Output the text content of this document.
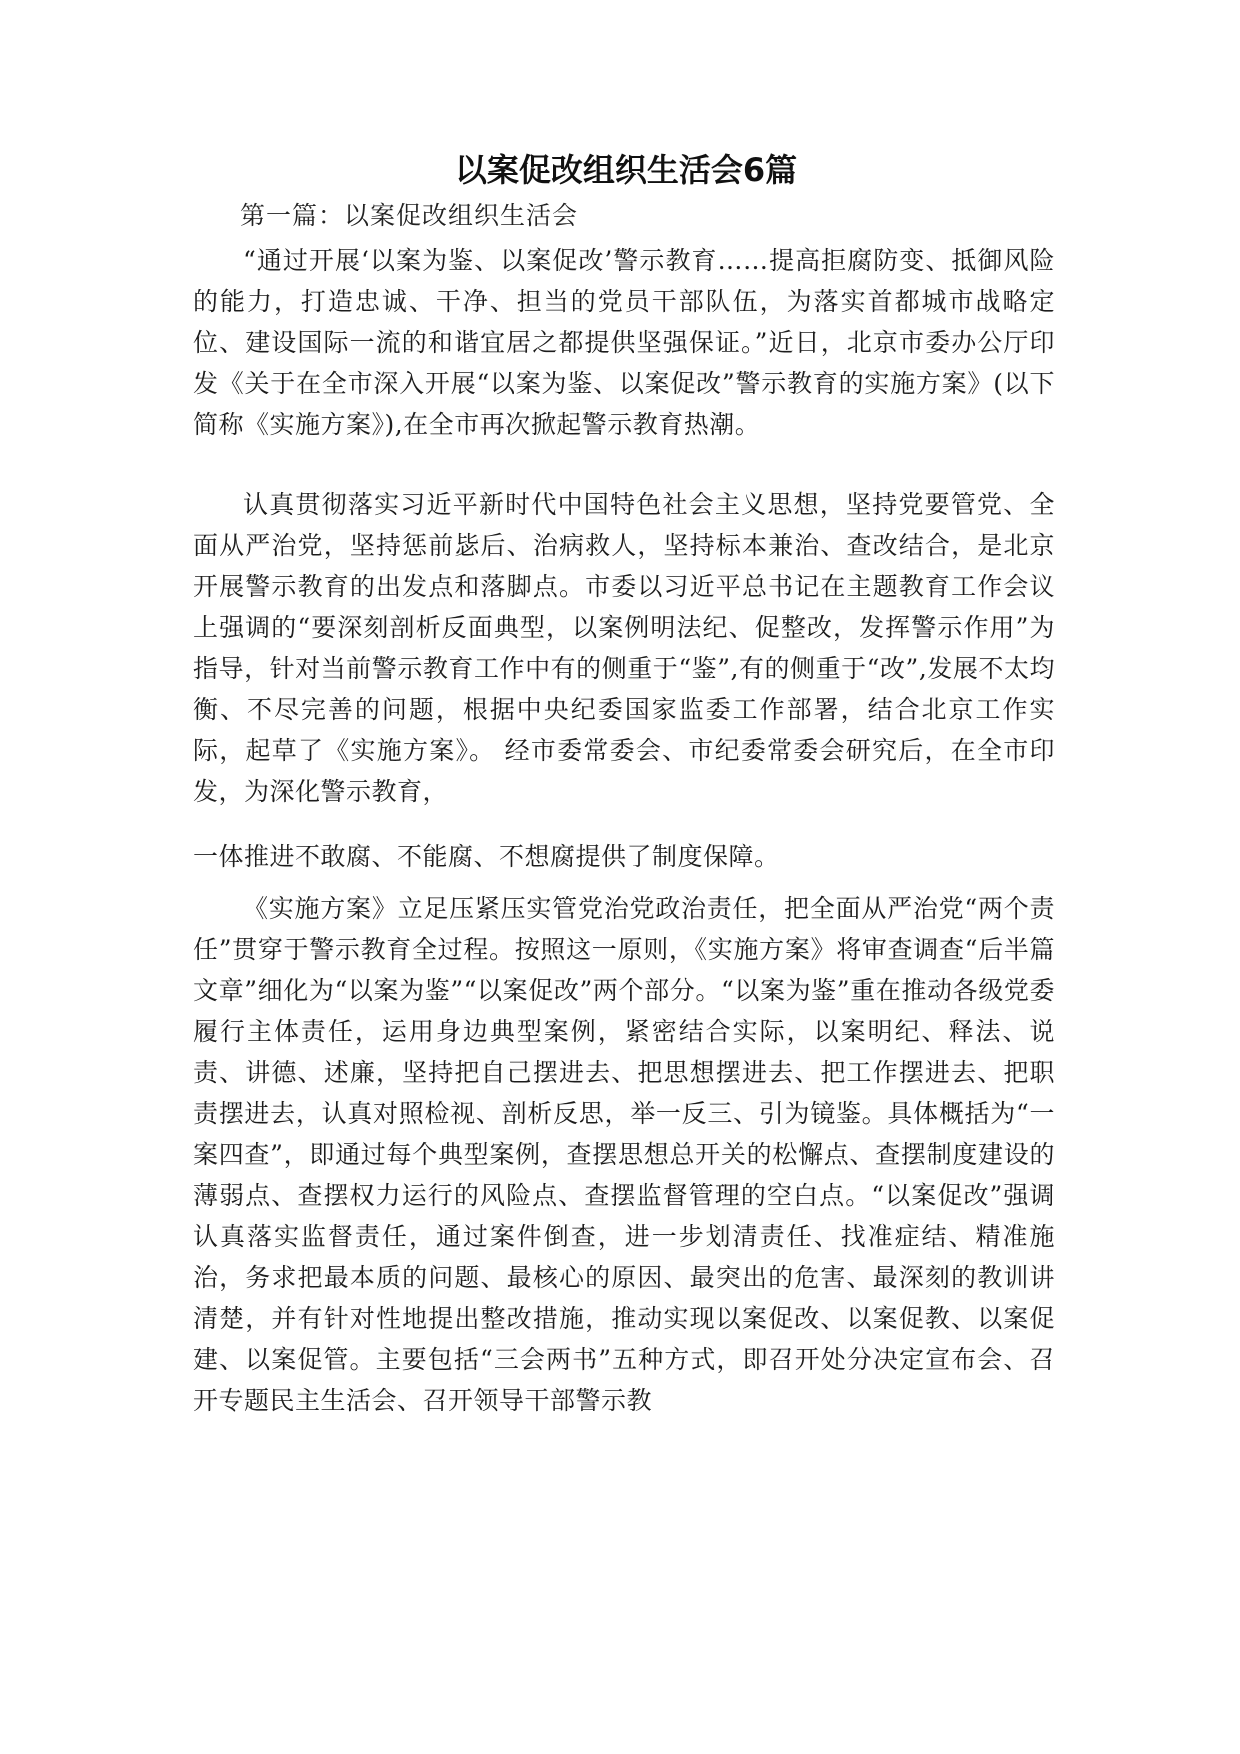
以案促改组织生活会6篇
第一篇：以案促改组织生活会

“通过开展‘以案为鉴、以案促改’警示教育……提高拒腐防变、抵御风险的能力，打造忠诚、干净、担当的党员干部队伍，为落实首都城市战略定位、建设国际一流的和谐宜居之都提供坚强保证。”近日，北京市委办公厅印发《关于在全市深入开展“以案为鉴、以案促改”警示教育的实施方案》(以下简称《实施方案》),在全市再次掀起警示教育热潮。

认真贯彻落实习近平新时代中国特色社会主义思想，坚持党要管党、全面从严治党，坚持惩前毖后、治病救人，坚持标本兼治、查改结合，是北京开展警示教育的出发点和落脚点。市委以习近平总书记在主题教育工作会议上强调的“要深刻剖析反面典型，以案例明法纪、促整改，发挥警示作用”为指导，针对当前警示教育工作中有的侧重于“鉴”,有的侧重于“改”,发展不太均衡、不尽完善的问题，根据中央纪委国家监委工作部署，结合北京工作实际，起草了《实施方案》。 经市委常委会、市纪委常委会研究后，在全市印发，为深化警示教育，

一体推进不敢腐、不能腐、不想腐提供了制度保障。

《实施方案》立足压紧压实管党治党政治责任，把全面从严治党“两个责任”贯穿于警示教育全过程。按照这一原则，《实施方案》将审查调查“后半篇文章”细化为“以案为鉴”“以案促改”两个部分。“以案为鉴”重在推动各级党委履行主体责任，运用身边典型案例，紧密结合实际，以案明纪、释法、说责、讲德、述廉，坚持把自己摆进去、把思想摆进去、把工作摆进去、把职责摆进去，认真对照检视、剖析反思，举一反三、引为镜鉴。具体概括为“一案四查”，即通过每个典型案例，查摆思想总开关的松懈点、查摆制度建设的薄弱点、查摆权力运行的风险点、查摆监督管理的空白点。“以案促改”强调认真落实监督责任，通过案件倒查，进一步划清责任、找准症结、精准施治，务求把最本质的问题、最核心的原因、最突出的危害、最深刻的教训讲清楚，并有针对性地提出整改措施，推动实现以案促改、以案促教、以案促建、以案促管。主要包括“三会两书”五种方式，即召开处分决定宣布会、召开专题民主生活会、召开领导干部警示教
